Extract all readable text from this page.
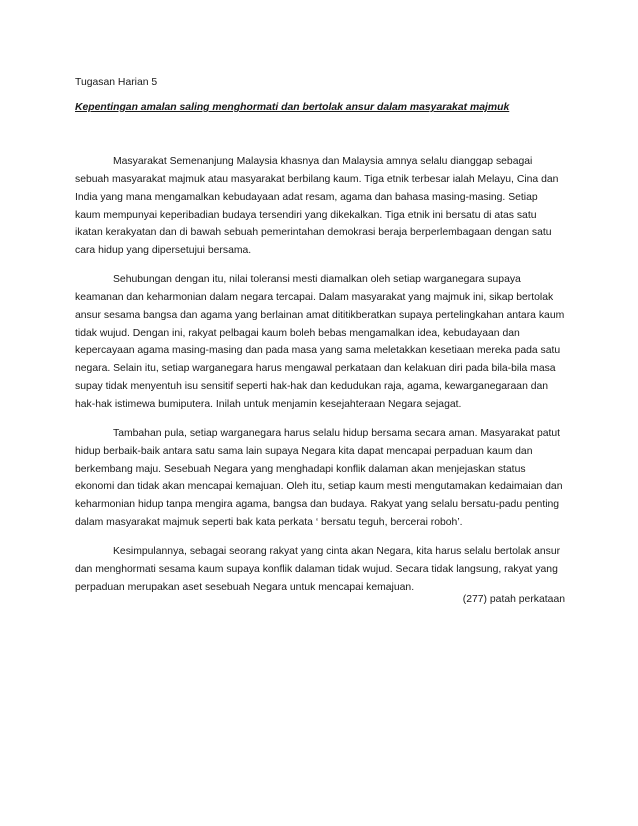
Tugasan Harian 5

Kepentingan amalan saling menghormati dan bertolak ansur dalam masyarakat majmuk

Masyarakat Semenanjung Malaysia khasnya dan Malaysia amnya selalu dianggap sebagai sebuah masyarakat majmuk atau masyarakat berbilang kaum. Tiga etnik terbesar ialah Melayu, Cina dan India yang mana mengamalkan kebudayaan adat resam, agama dan bahasa masing-masing. Setiap kaum mempunyai keperibadian budaya tersendiri yang dikekalkan. Tiga etnik ini bersatu di atas satu ikatan kerakyatan dan di bawah sebuah pemerintahan demokrasi beraja berperlembagaan dengan satu cara hidup yang dipersetujui bersama.

Sehubungan dengan itu, nilai toleransi mesti diamalkan oleh setiap warganegara supaya keamanan dan keharmonian dalam negara tercapai. Dalam masyarakat yang majmuk ini, sikap bertolak ansur sesama bangsa dan agama yang berlainan amat dititikberatkan supaya pertelingkahan antara kaum tidak wujud. Dengan ini, rakyat pelbagai kaum boleh bebas mengamalkan idea, kebudayaan dan kepercayaan agama masing-masing dan pada masa yang sama meletakkan kesetiaan mereka pada satu negara. Selain itu, setiap warganegara harus mengawal perkataan dan kelakuan diri pada bila-bila masa supay tidak menyentuh isu sensitif seperti hak-hak dan kedudukan raja, agama, kewarganegaraan dan hak-hak istimewa bumiputera. Inilah untuk menjamin kesejahteraan Negara sejagat.

Tambahan pula, setiap warganegara harus selalu hidup bersama secara aman. Masyarakat patut hidup berbaik-baik antara satu sama lain supaya Negara kita dapat mencapai perpaduan kaum dan berkembang maju. Sesebuah Negara yang menghadapi konflik dalaman akan menjejaskan status ekonomi dan tidak akan mencapai kemajuan. Oleh itu, setiap kaum mesti mengutamakan kedaimaian dan keharmonian hidup tanpa mengira agama, bangsa dan budaya. Rakyat yang selalu bersatu-padu penting dalam masyarakat majmuk seperti bak kata perkata ‘ bersatu teguh, bercerai roboh’.

Kesimpulannya, sebagai seorang rakyat yang cinta akan Negara, kita harus selalu bertolak ansur dan menghormati sesama kaum supaya konflik dalaman tidak wujud. Secara tidak langsung, rakyat yang perpaduan merupakan aset sesebuah Negara untuk mencapai kemajuan.

(277) patah perkataan
